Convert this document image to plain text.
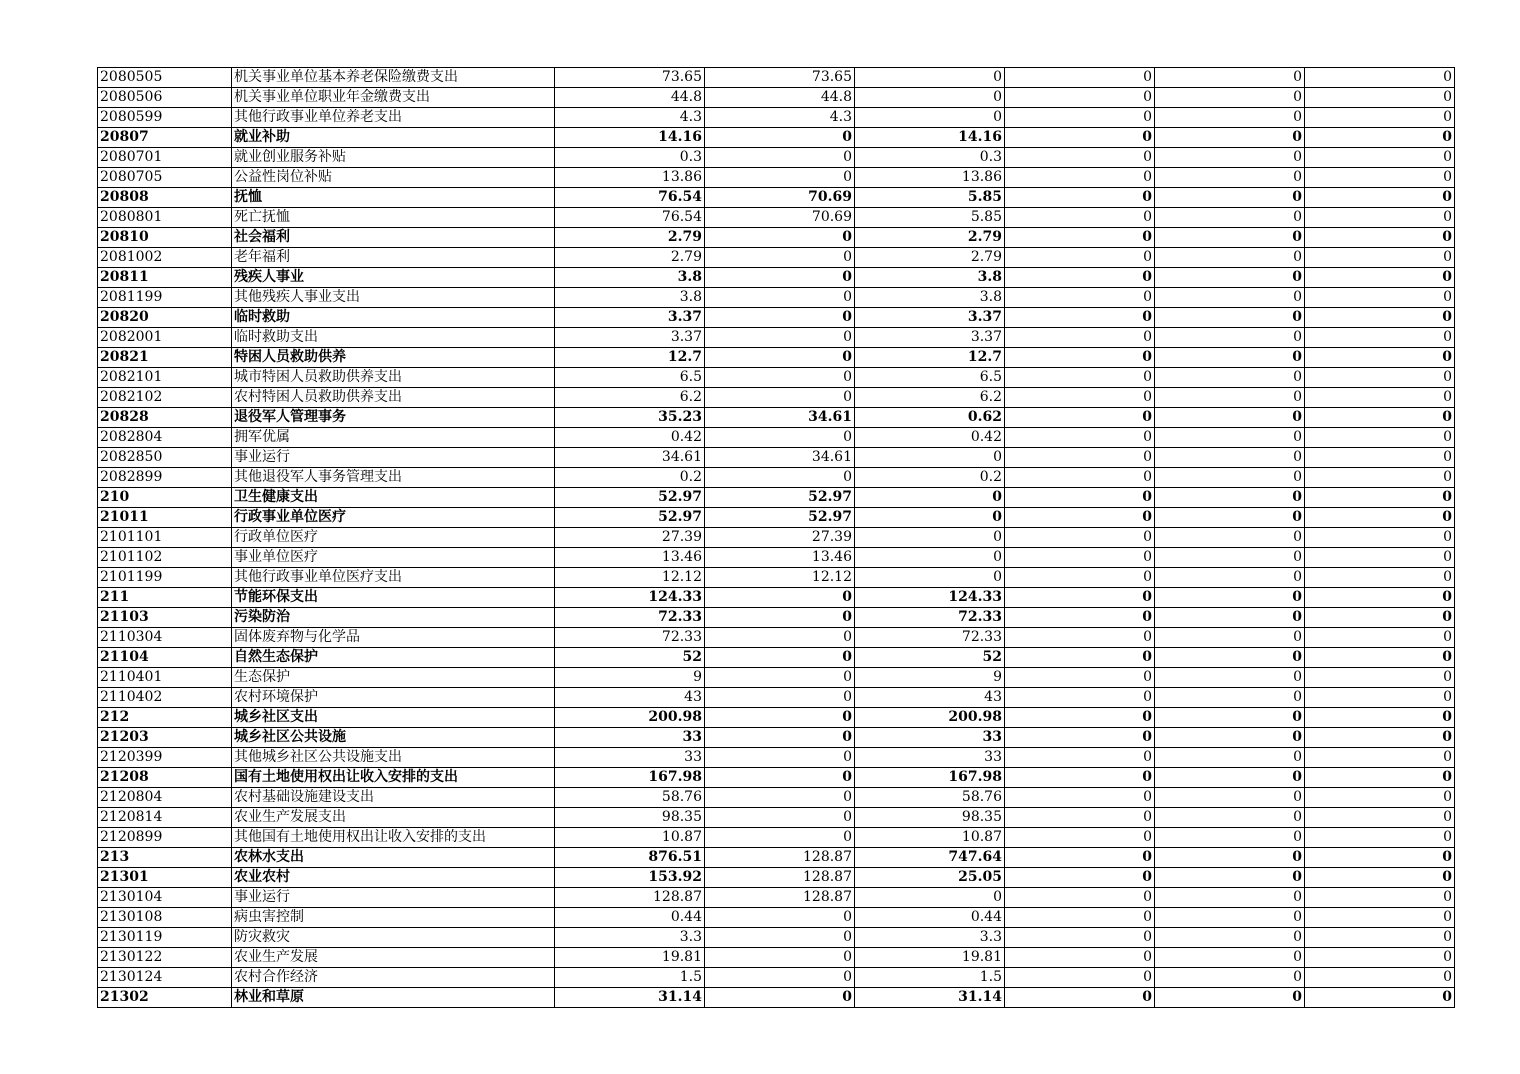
2080505	机关事业单位基本养老保险缴费支出	73.65	73.65	0	0	0	0
2080506	机关事业单位职业年金缴费支出	44.8	44.8	0	0	0	0
2080599	其他行政事业单位养老支出	4.3	4.3	0	0	0	0
20807	就业补助	14.16	0	14.16	0	0	0
2080701	就业创业服务补贴	0.3	0	0.3	0	0	0
2080705	公益性岗位补贴	13.86	0	13.86	0	0	0
20808	抚恤	76.54	70.69	5.85	0	0	0
2080801	死亡抚恤	76.54	70.69	5.85	0	0	0
20810	社会福利	2.79	0	2.79	0	0	0
2081002	老年福利	2.79	0	2.79	0	0	0
20811	残疾人事业	3.8	0	3.8	0	0	0
2081199	其他残疾人事业支出	3.8	0	3.8	0	0	0
20820	临时救助	3.37	0	3.37	0	0	0
2082001	临时救助支出	3.37	0	3.37	0	0	0
20821	特困人员救助供养	12.7	0	12.7	0	0	0
2082101	城市特困人员救助供养支出	6.5	0	6.5	0	0	0
2082102	农村特困人员救助供养支出	6.2	0	6.2	0	0	0
20828	退役军人管理事务	35.23	34.61	0.62	0	0	0
2082804	拥军优属	0.42	0	0.42	0	0	0
2082850	事业运行	34.61	34.61	0	0	0	0
2082899	其他退役军人事务管理支出	0.2	0	0.2	0	0	0
210	卫生健康支出	52.97	52.97	0	0	0	0
21011	行政事业单位医疗	52.97	52.97	0	0	0	0
2101101	行政单位医疗	27.39	27.39	0	0	0	0
2101102	事业单位医疗	13.46	13.46	0	0	0	0
2101199	其他行政事业单位医疗支出	12.12	12.12	0	0	0	0
211	节能环保支出	124.33	0	124.33	0	0	0
21103	污染防治	72.33	0	72.33	0	0	0
2110304	固体废弃物与化学品	72.33	0	72.33	0	0	0
21104	自然生态保护	52	0	52	0	0	0
2110401	生态保护	9	0	9	0	0	0
2110402	农村环境保护	43	0	43	0	0	0
212	城乡社区支出	200.98	0	200.98	0	0	0
21203	城乡社区公共设施	33	0	33	0	0	0
2120399	其他城乡社区公共设施支出	33	0	33	0	0	0
21208	国有土地使用权出让收入安排的支出	167.98	0	167.98	0	0	0
2120804	农村基础设施建设支出	58.76	0	58.76	0	0	0
2120814	农业生产发展支出	98.35	0	98.35	0	0	0
2120899	其他国有土地使用权出让收入安排的支出	10.87	0	10.87	0	0	0
213	农林水支出	876.51	128.87	747.64	0	0	0
21301	农业农村	153.92	128.87	25.05	0	0	0
2130104	事业运行	128.87	128.87	0	0	0	0
2130108	病虫害控制	0.44	0	0.44	0	0	0
2130119	防灾救灾	3.3	0	3.3	0	0	0
2130122	农业生产发展	19.81	0	19.81	0	0	0
2130124	农村合作经济	1.5	0	1.5	0	0	0
21302	林业和草原	31.14	0	31.14	0	0	0
